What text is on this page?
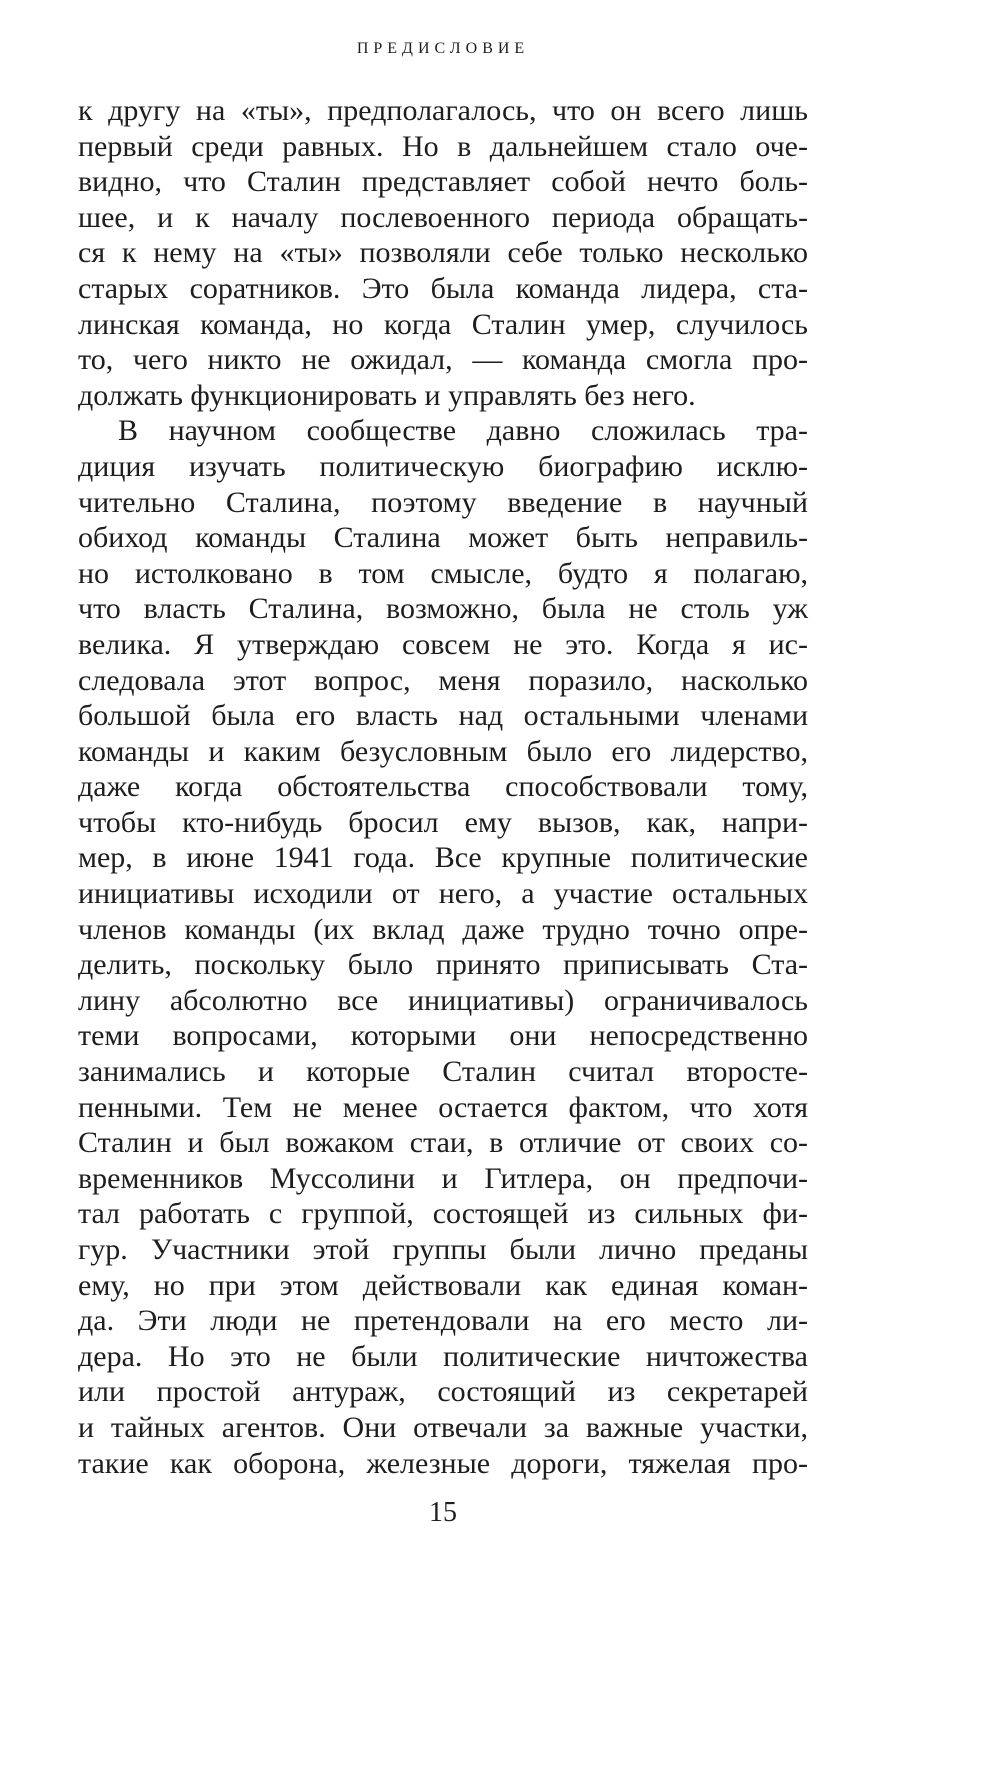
ПРЕДИСЛОВИЕ
к другу на «ты», предполагалось, что он всего лишь
первый среди равных. Но в дальнейшем стало оче-
видно, что Сталин представляет собой нечто боль-
шее, и к началу послевоенного периода обращать-
ся к нему на «ты» позволяли себе только несколько
старых соратников. Это была команда лидера, ста-
линская команда, но когда Сталин умер, случилось
то, чего никто не ожидал, — команда смогла про-
должать функционировать и управлять без него.
В научном сообществе давно сложилась тра-
диция изучать политическую биографию исклю-
чительно Сталина, поэтому введение в научный
обиход команды Сталина может быть неправиль-
но истолковано в том смысле, будто я полагаю,
что власть Сталина, возможно, была не столь уж
велика. Я утверждаю совсем не это. Когда я ис-
следовала этот вопрос, меня поразило, насколько
большой была его власть над остальными членами
команды и каким безусловным было его лидерство,
даже когда обстоятельства способствовали тому,
чтобы кто-нибудь бросил ему вызов, как, напри-
мер, в июне 1941 года. Все крупные политические
инициативы исходили от него, а участие остальных
членов команды (их вклад даже трудно точно опре-
делить, поскольку было принято приписывать Ста-
лину абсолютно все инициативы) ограничивалось
теми вопросами, которыми они непосредственно
занимались и которые Сталин считал второсте-
пенными. Тем не менее остается фактом, что хотя
Сталин и был вожаком стаи, в отличие от своих со-
временников Муссолини и Гитлера, он предпочи-
тал работать с группой, состоящей из сильных фи-
гур. Участники этой группы были лично преданы
ему, но при этом действовали как единая коман-
да. Эти люди не претендовали на его место ли-
дера. Но это не были политические ничтожества
или простой антураж, состоящий из секретарей
и тайных агентов. Они отвечали за важные участки,
такие как оборона, железные дороги, тяжелая про-
15
